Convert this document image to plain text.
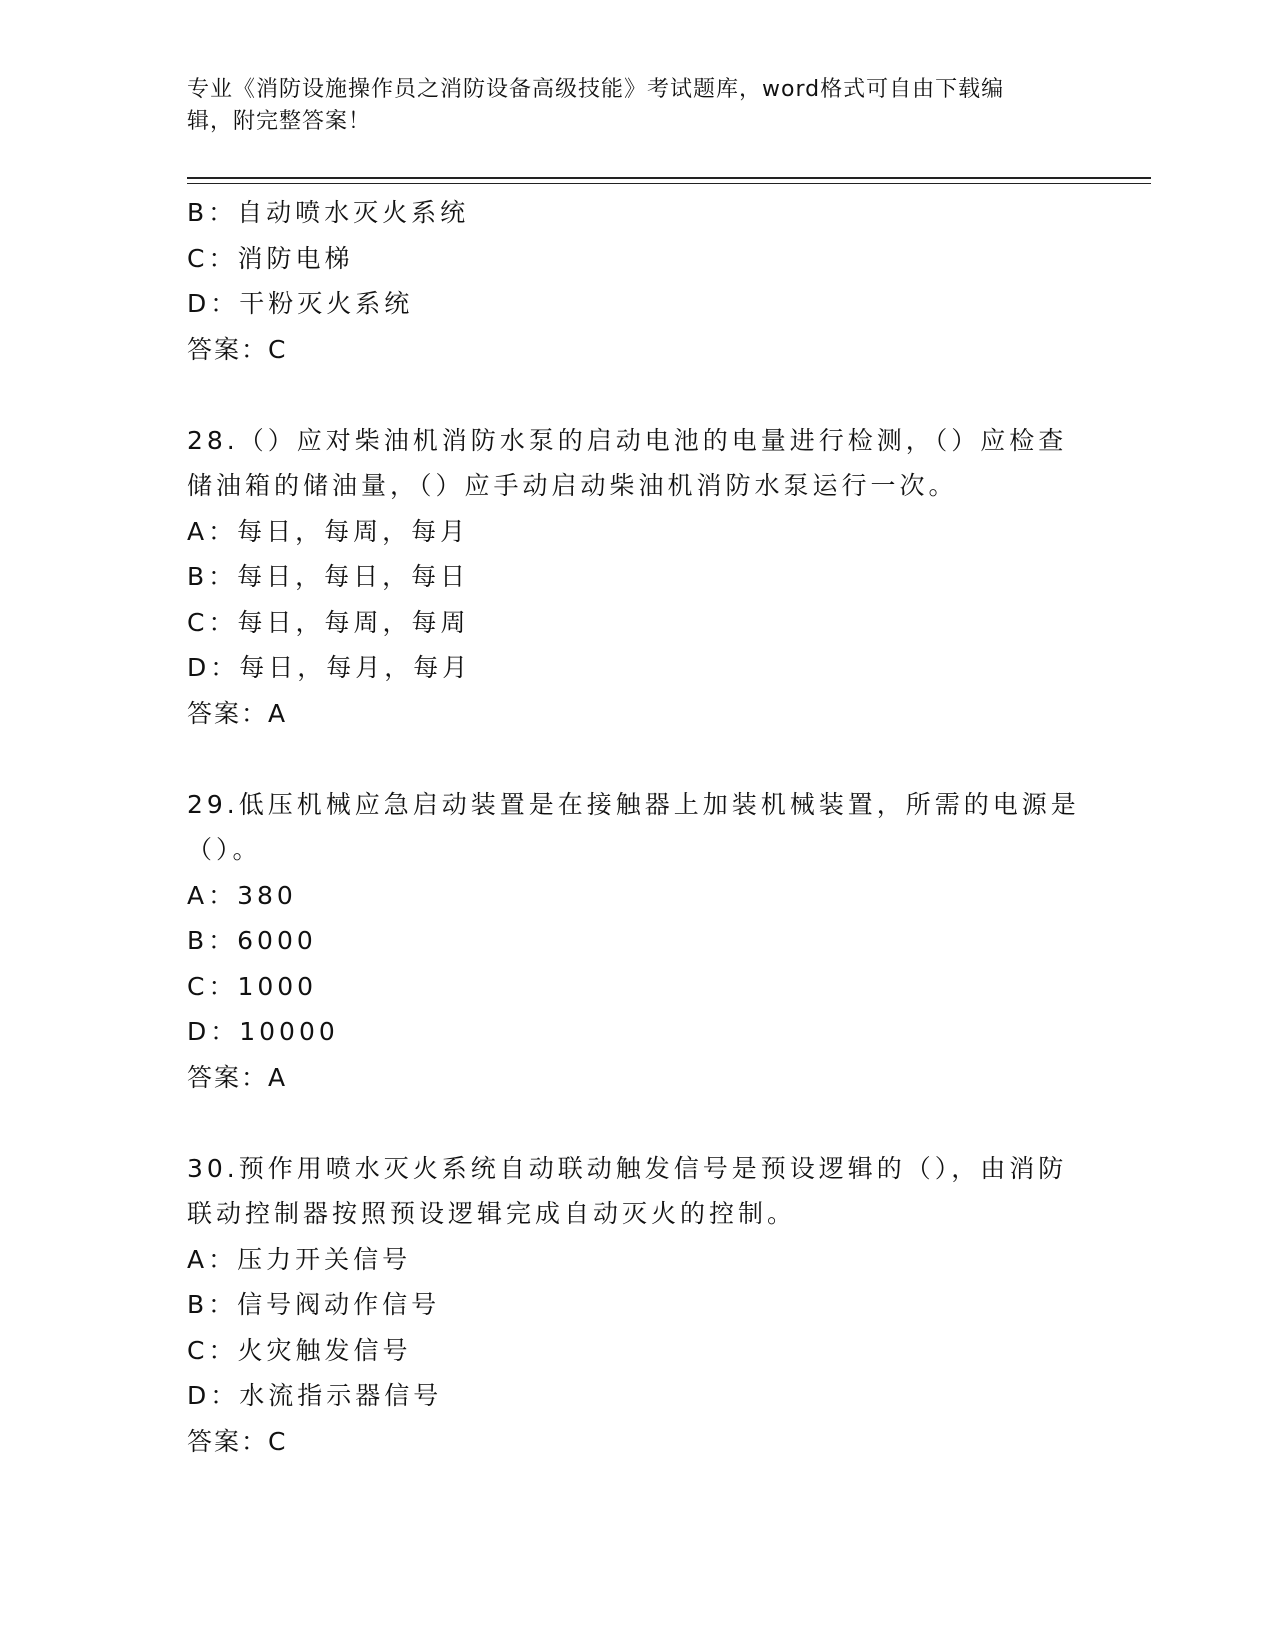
专业《消防设施操作员之消防设备高级技能》考试题库，word格式可自由下载编
辑，附完整答案！
B：自动喷水灭火系统
C：消防电梯
D：干粉灭火系统
答案：C
28.（）应对柴油机消防水泵的启动电池的电量进行检测，（）应检查
储油箱的储油量，（）应手动启动柴油机消防水泵运行一次。
A：每日，每周，每月
B：每日，每日，每日
C：每日，每周，每周
D：每日，每月，每月
答案：A
29.低压机械应急启动装置是在接触器上加装机械装置，所需的电源是
（）。
A：380
B：6000
C：1000
D：10000
答案：A
30.预作用喷水灭火系统自动联动触发信号是预设逻辑的（），由消防
联动控制器按照预设逻辑完成自动灭火的控制。
A：压力开关信号
B：信号阀动作信号
C：火灾触发信号
D：水流指示器信号
答案：C
